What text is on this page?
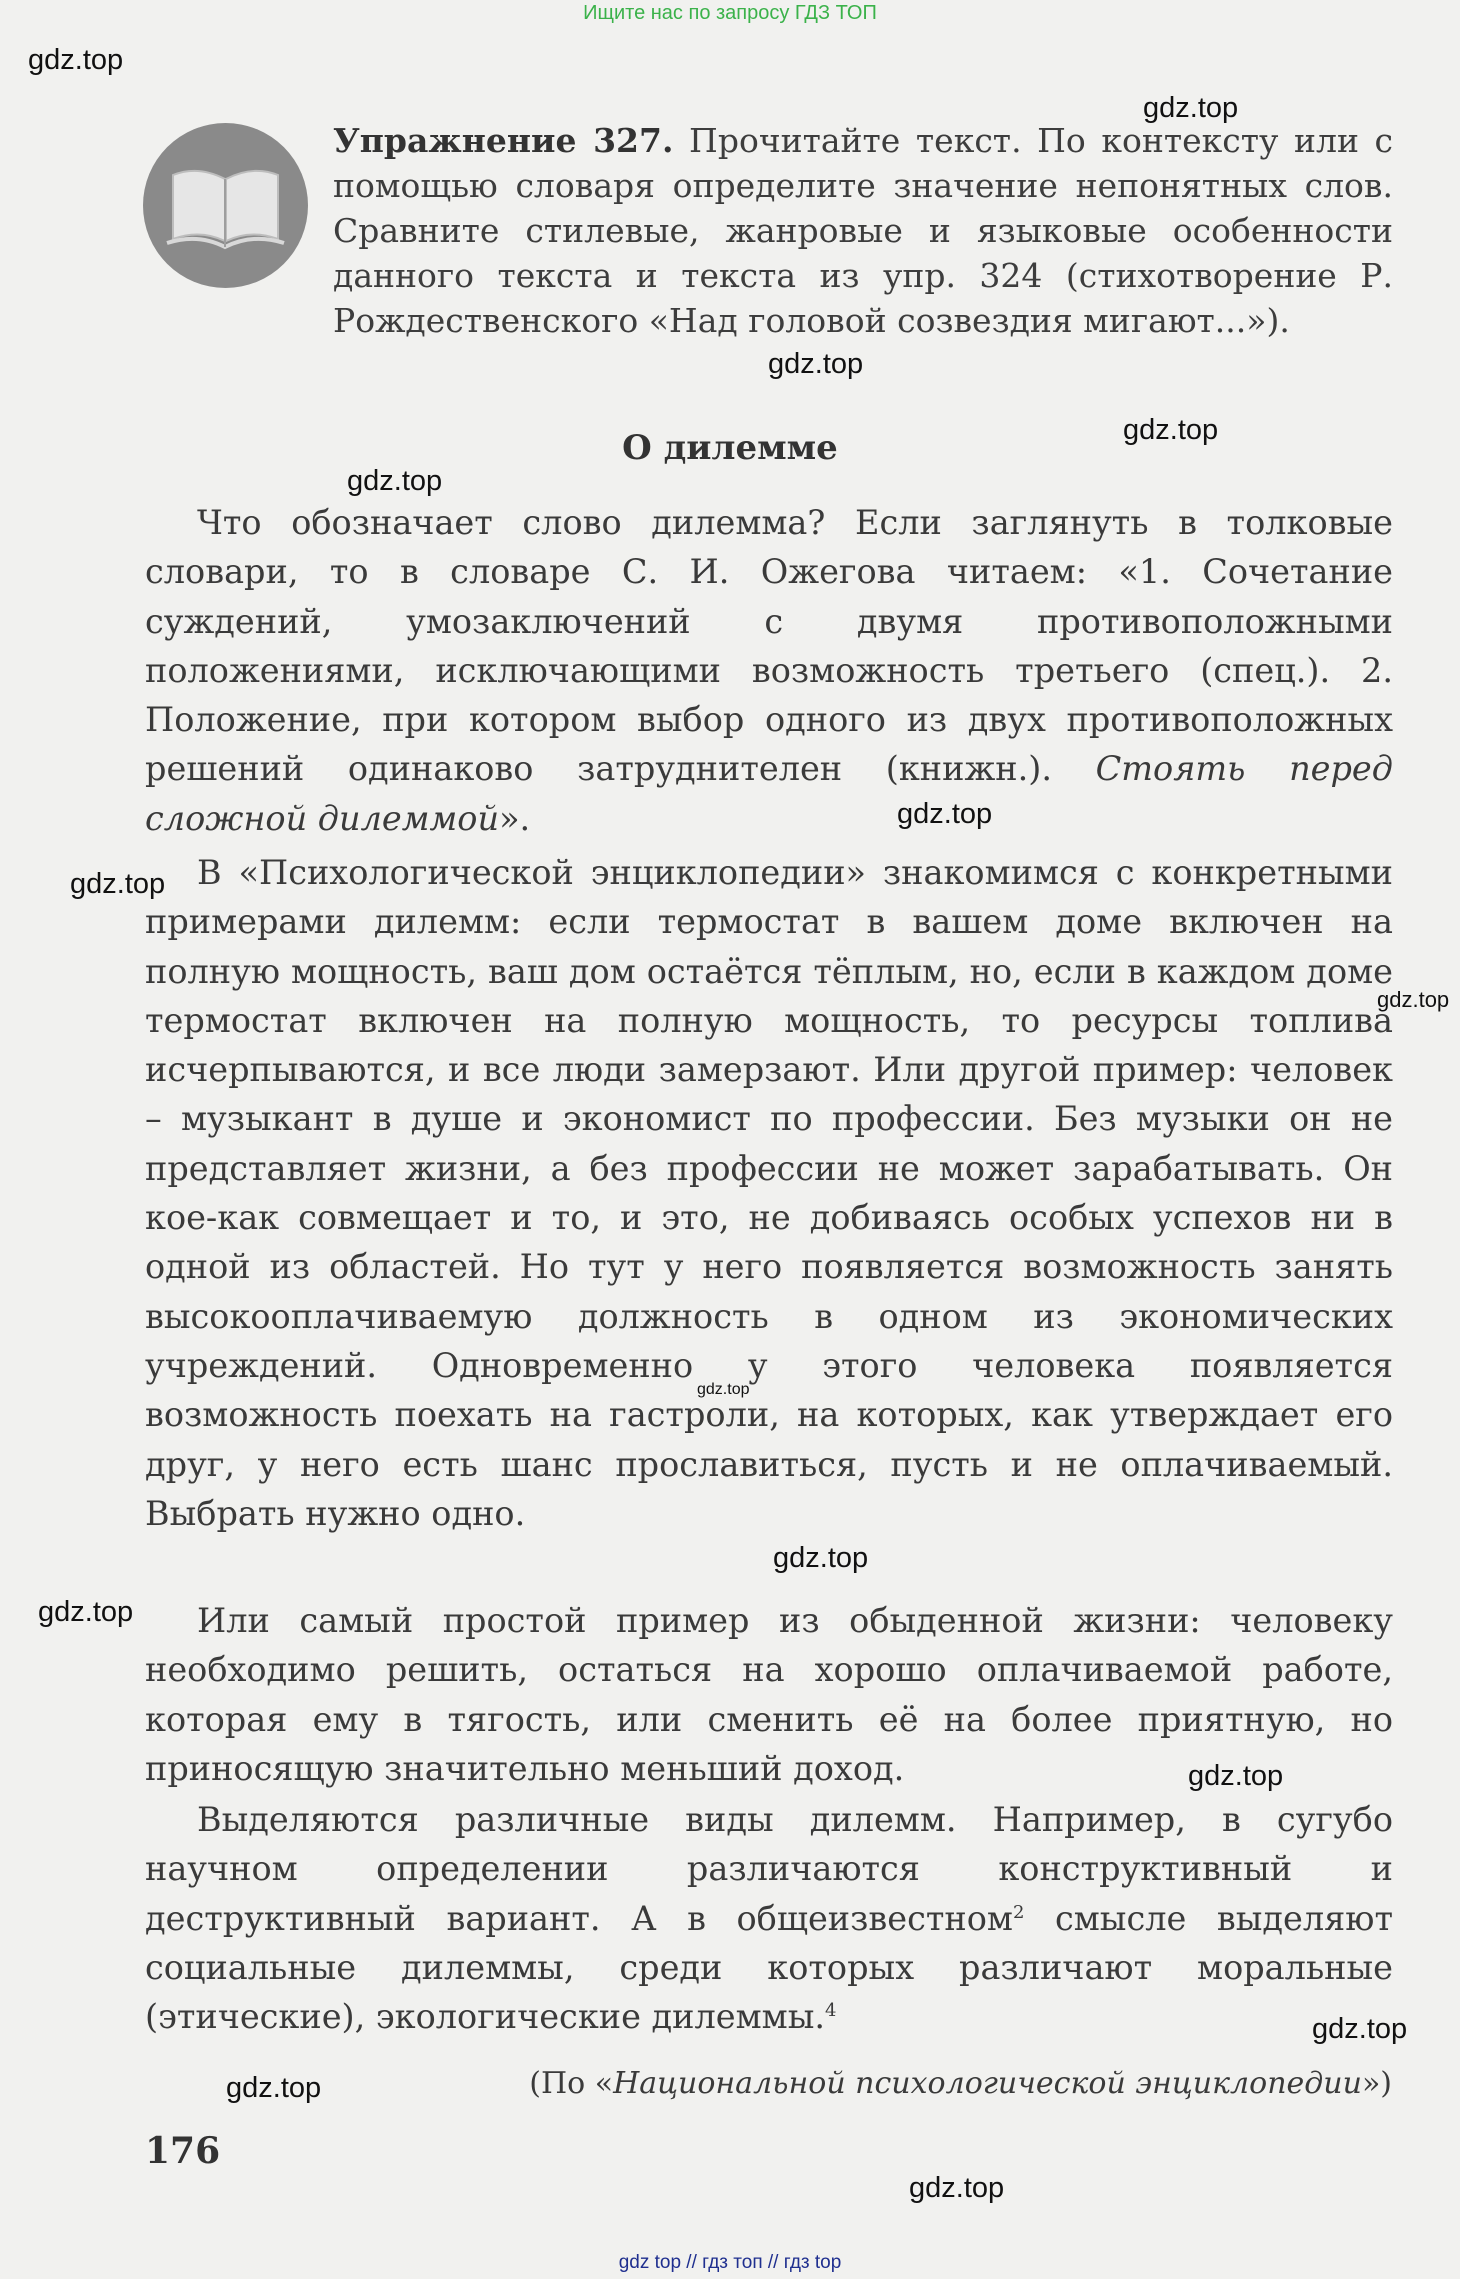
Ищите нас по запросу ГДЗ ТОП
Упражнение 327. Прочитайте текст. По контексту или с помощью словаря определите значение непонятных слов. Сравните стилевые, жанровые и языковые особенности данного текста и текста из упр. 324 (стихотворение Р. Рождественского «Над головой созвездия мигают...»).
О дилемме

Что обозначает слово дилемма? Если заглянуть в толковые словари, то в словаре С. И. Ожегова читаем: «1. Сочетание суждений, умозаключений с двумя противоположными положениями, исключающими возможность третьего (спец.). 2. Положение, при котором выбор одного из двух противоположных решений одинаково затруднителен (книжн.). Стоять перед сложной дилеммой».

В «Психологической энциклопедии» знакомимся с конкретными примерами дилемм: если термостат в вашем доме включен на полную мощность, ваш дом остаётся тёплым, но, если в каждом доме термостат включен на полную мощность, то ресурсы топлива исчерпываются, и все люди замерзают. Или другой пример: человек – музыкант в душе и экономист по профессии. Без музыки он не представляет жизни, а без профессии не может зарабатывать. Он кое-как совмещает и то, и это, не добиваясь особых успехов ни в одной из областей. Но тут у него появляется возможность занять высокооплачиваемую должность в одном из экономических учреждений. Одновременно у этого человека появляется возможность поехать на гастроли, на которых, как утверждает его друг, у него есть шанс прославиться, пусть и не оплачиваемый. Выбрать нужно одно.

Или самый простой пример из обыденной жизни: человеку необходимо решить, остаться на хорошо оплачиваемой работе, которая ему в тягость, или сменить её на более приятную, но приносящую значительно меньший доход.

Выделяются различные виды дилемм. Например, в сугубо научном определении различаются конструктивный и деструктивный вариант. А в общеизвестном$^2$ смысле выделяют социальные дилеммы, среди которых различают моральные (этические), экологические дилеммы.$^4$

(По «Национальной психологической энциклопедии»)
176
gdz.top
gdz.top
gdz.top
gdz.top
gdz.top
gdz.top
gdz.top
gdz.top
gdz.top
gdz.top
gdz.top
gdz.top
gdz.top
gdz.top
gdz.top
gdz top // гдз топ // гдз top
